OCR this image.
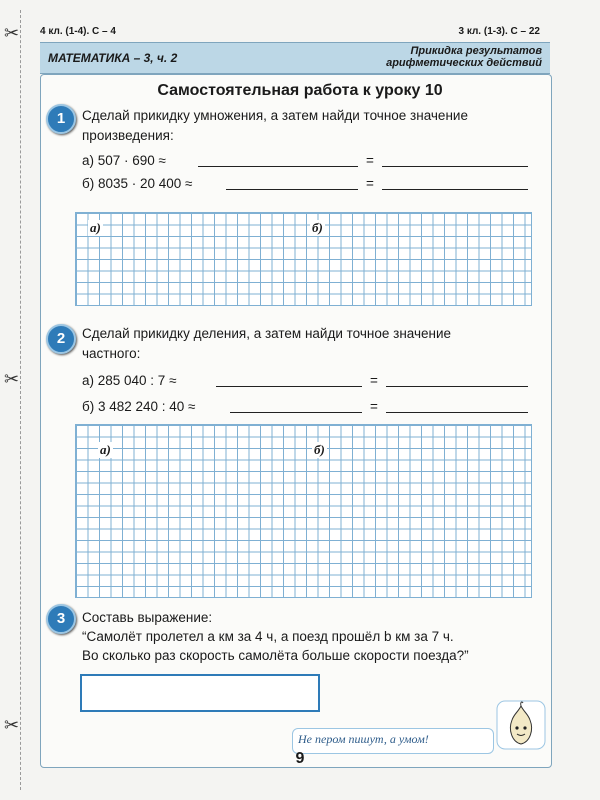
✂
✂
✂
4 кл. (1-4). С – 4	3 кл. (1-3). С – 22
МАТЕМАТИКА – 3, ч. 2	Прикидка результатов
арифметических действий
Самостоятельная работа к уроку 10
1	Сделай прикидку умножения, а затем найди точное значение
произведения:
а) 507 · 690 ≈	=
б) 8035 · 20 400 ≈	=
а)	б)
2	Сделай прикидку деления, а затем найди точное значение
частного:
а) 285 040 : 7 ≈	=
б) 3 482 240 : 40 ≈	=
а)	б)
3	Составь выражение:
“Самолёт пролетел a км за 4 ч, а поезд прошёл b км за 7 ч.
Во сколько раз скорость самолёта больше скорости поезда?”
Не пером пишут, а умом!
9
